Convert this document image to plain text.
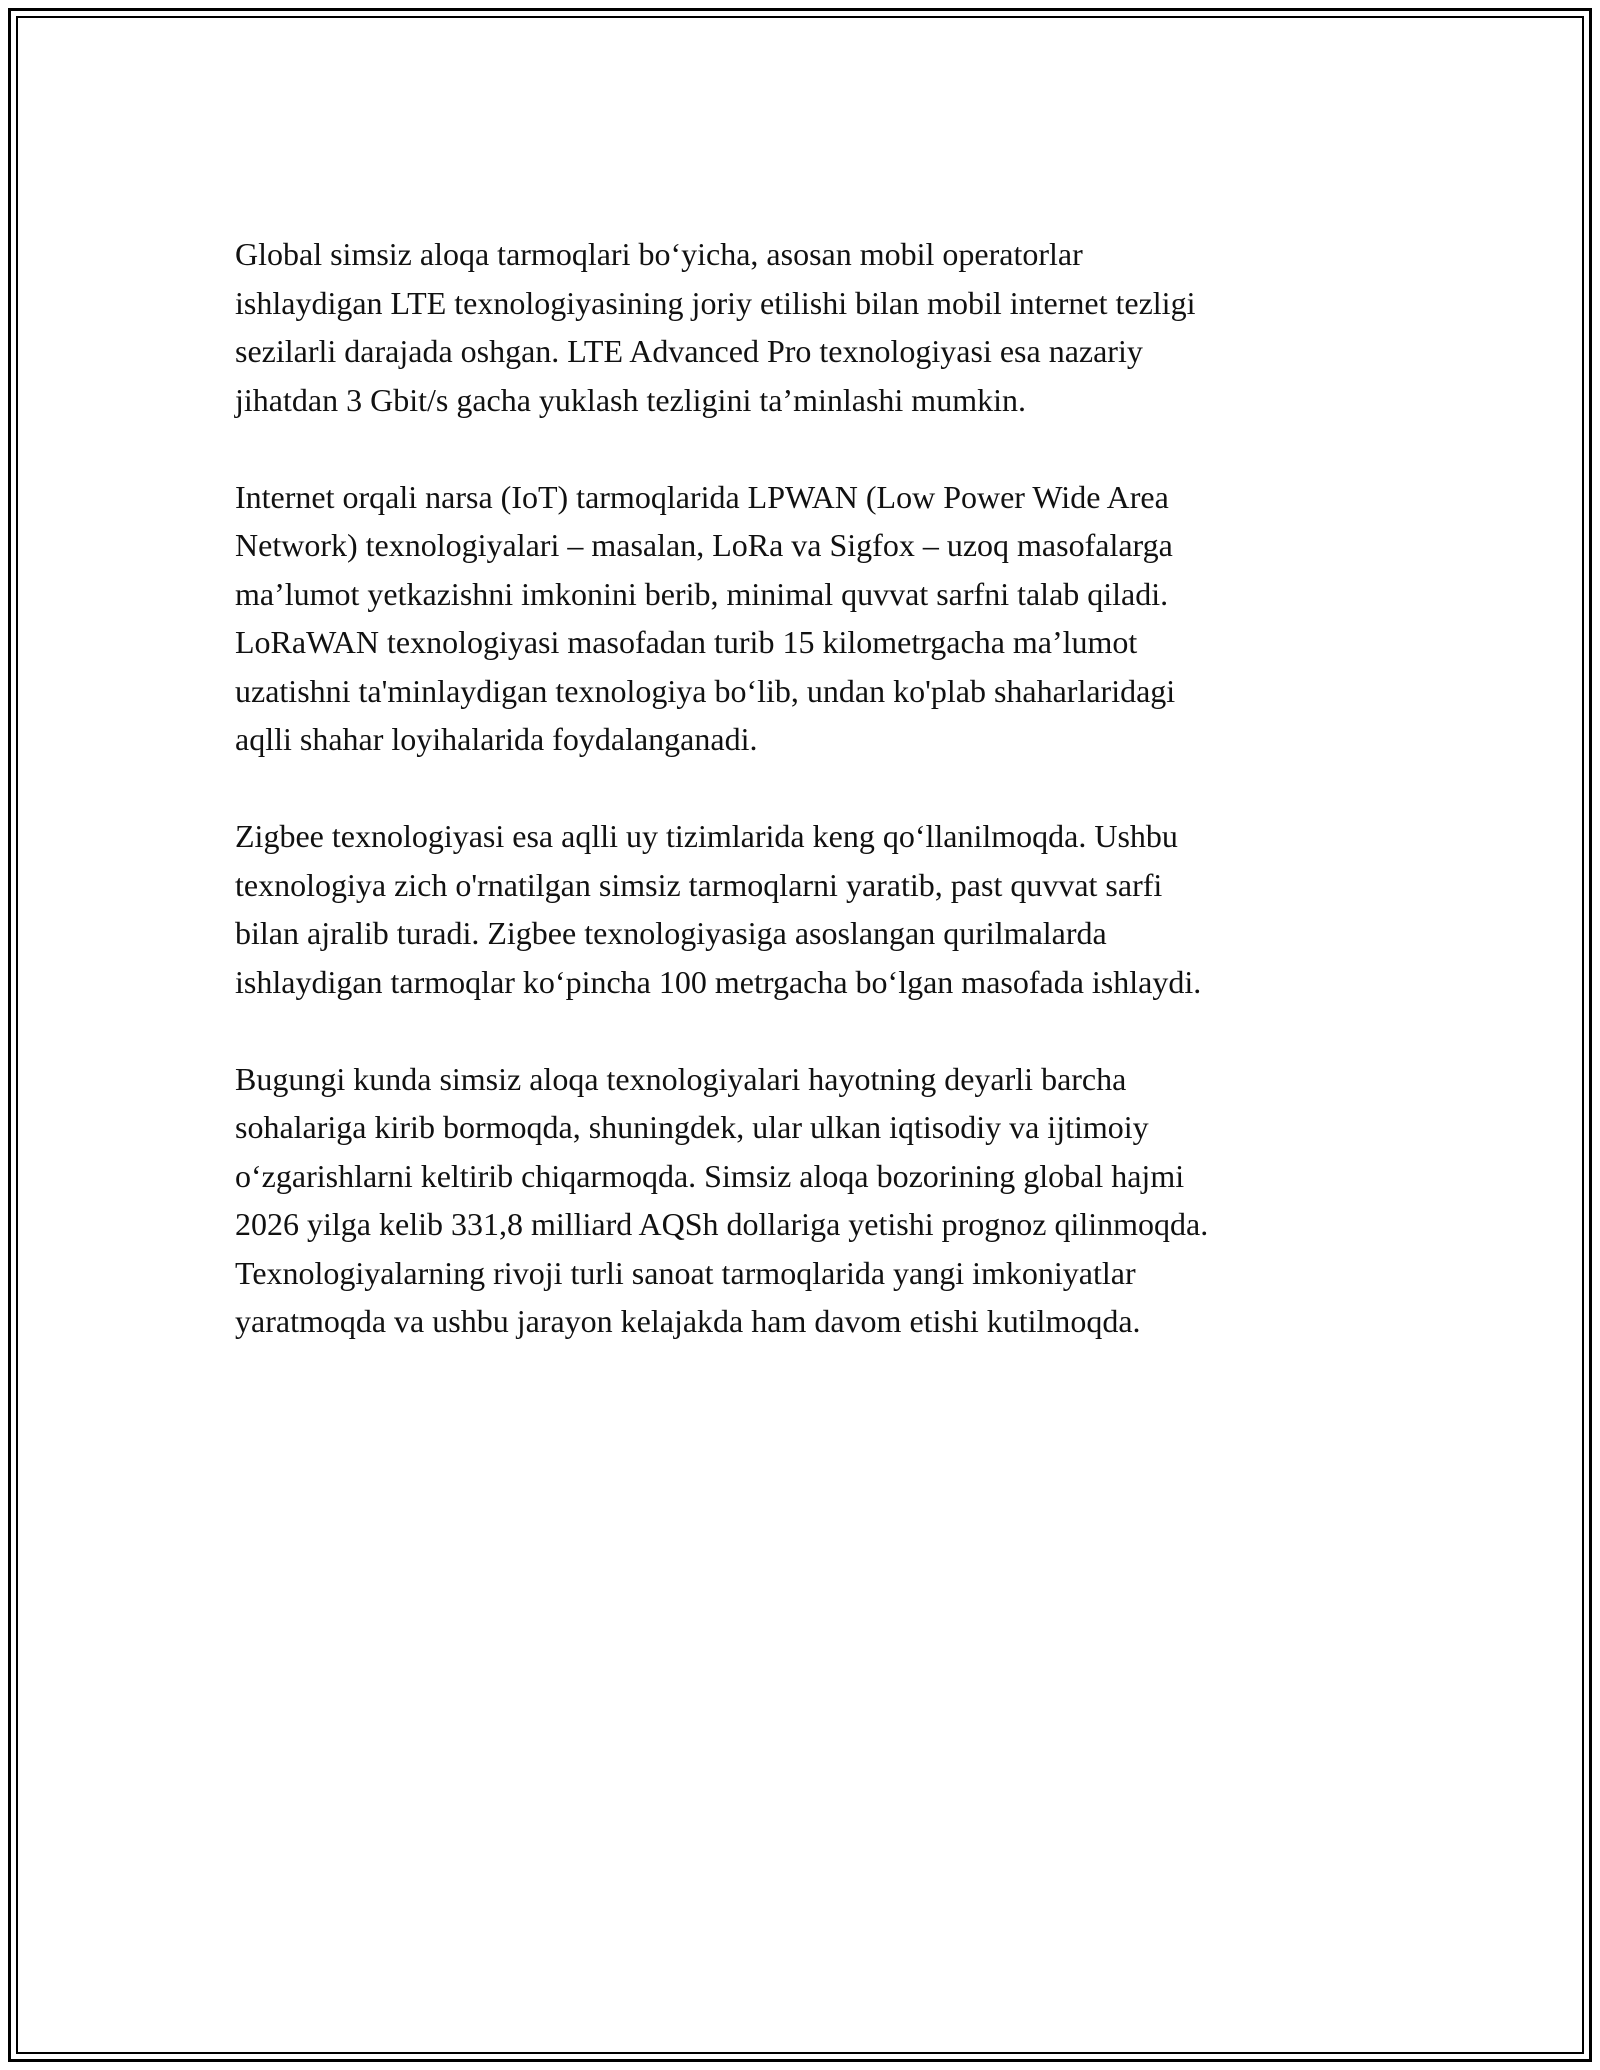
Global simsiz aloqa tarmoqlari bo‘yicha, asosan mobil operatorlar
ishlaydigan LTE texnologiyasining joriy etilishi bilan mobil internet tezligi
sezilarli darajada oshgan. LTE Advanced Pro texnologiyasi esa nazariy
jihatdan 3 Gbit/s gacha yuklash tezligini ta’minlashi mumkin.

Internet orqali narsa (IoT) tarmoqlarida LPWAN (Low Power Wide Area
Network) texnologiyalari – masalan, LoRa va Sigfox – uzoq masofalarga
ma’lumot yetkazishni imkonini berib, minimal quvvat sarfni talab qiladi.
LoRaWAN texnologiyasi masofadan turib 15 kilometrgacha ma’lumot
uzatishni ta'minlaydigan texnologiya bo‘lib, undan ko'plab shaharlaridagi
aqlli shahar loyihalarida foydalanganadi.

Zigbee texnologiyasi esa aqlli uy tizimlarida keng qo‘llanilmoqda. Ushbu
texnologiya zich o'rnatilgan simsiz tarmoqlarni yaratib, past quvvat sarfi
bilan ajralib turadi. Zigbee texnologiyasiga asoslangan qurilmalarda
ishlaydigan tarmoqlar ko‘pincha 100 metrgacha bo‘lgan masofada ishlaydi.

Bugungi kunda simsiz aloqa texnologiyalari hayotning deyarli barcha
sohalariga kirib bormoqda, shuningdek, ular ulkan iqtisodiy va ijtimoiy
o‘zgarishlarni keltirib chiqarmoqda. Simsiz aloqa bozorining global hajmi
2026 yilga kelib 331,8 milliard AQSh dollariga yetishi prognoz qilinmoqda.
Texnologiyalarning rivoji turli sanoat tarmoqlarida yangi imkoniyatlar
yaratmoqda va ushbu jarayon kelajakda ham davom etishi kutilmoqda.
